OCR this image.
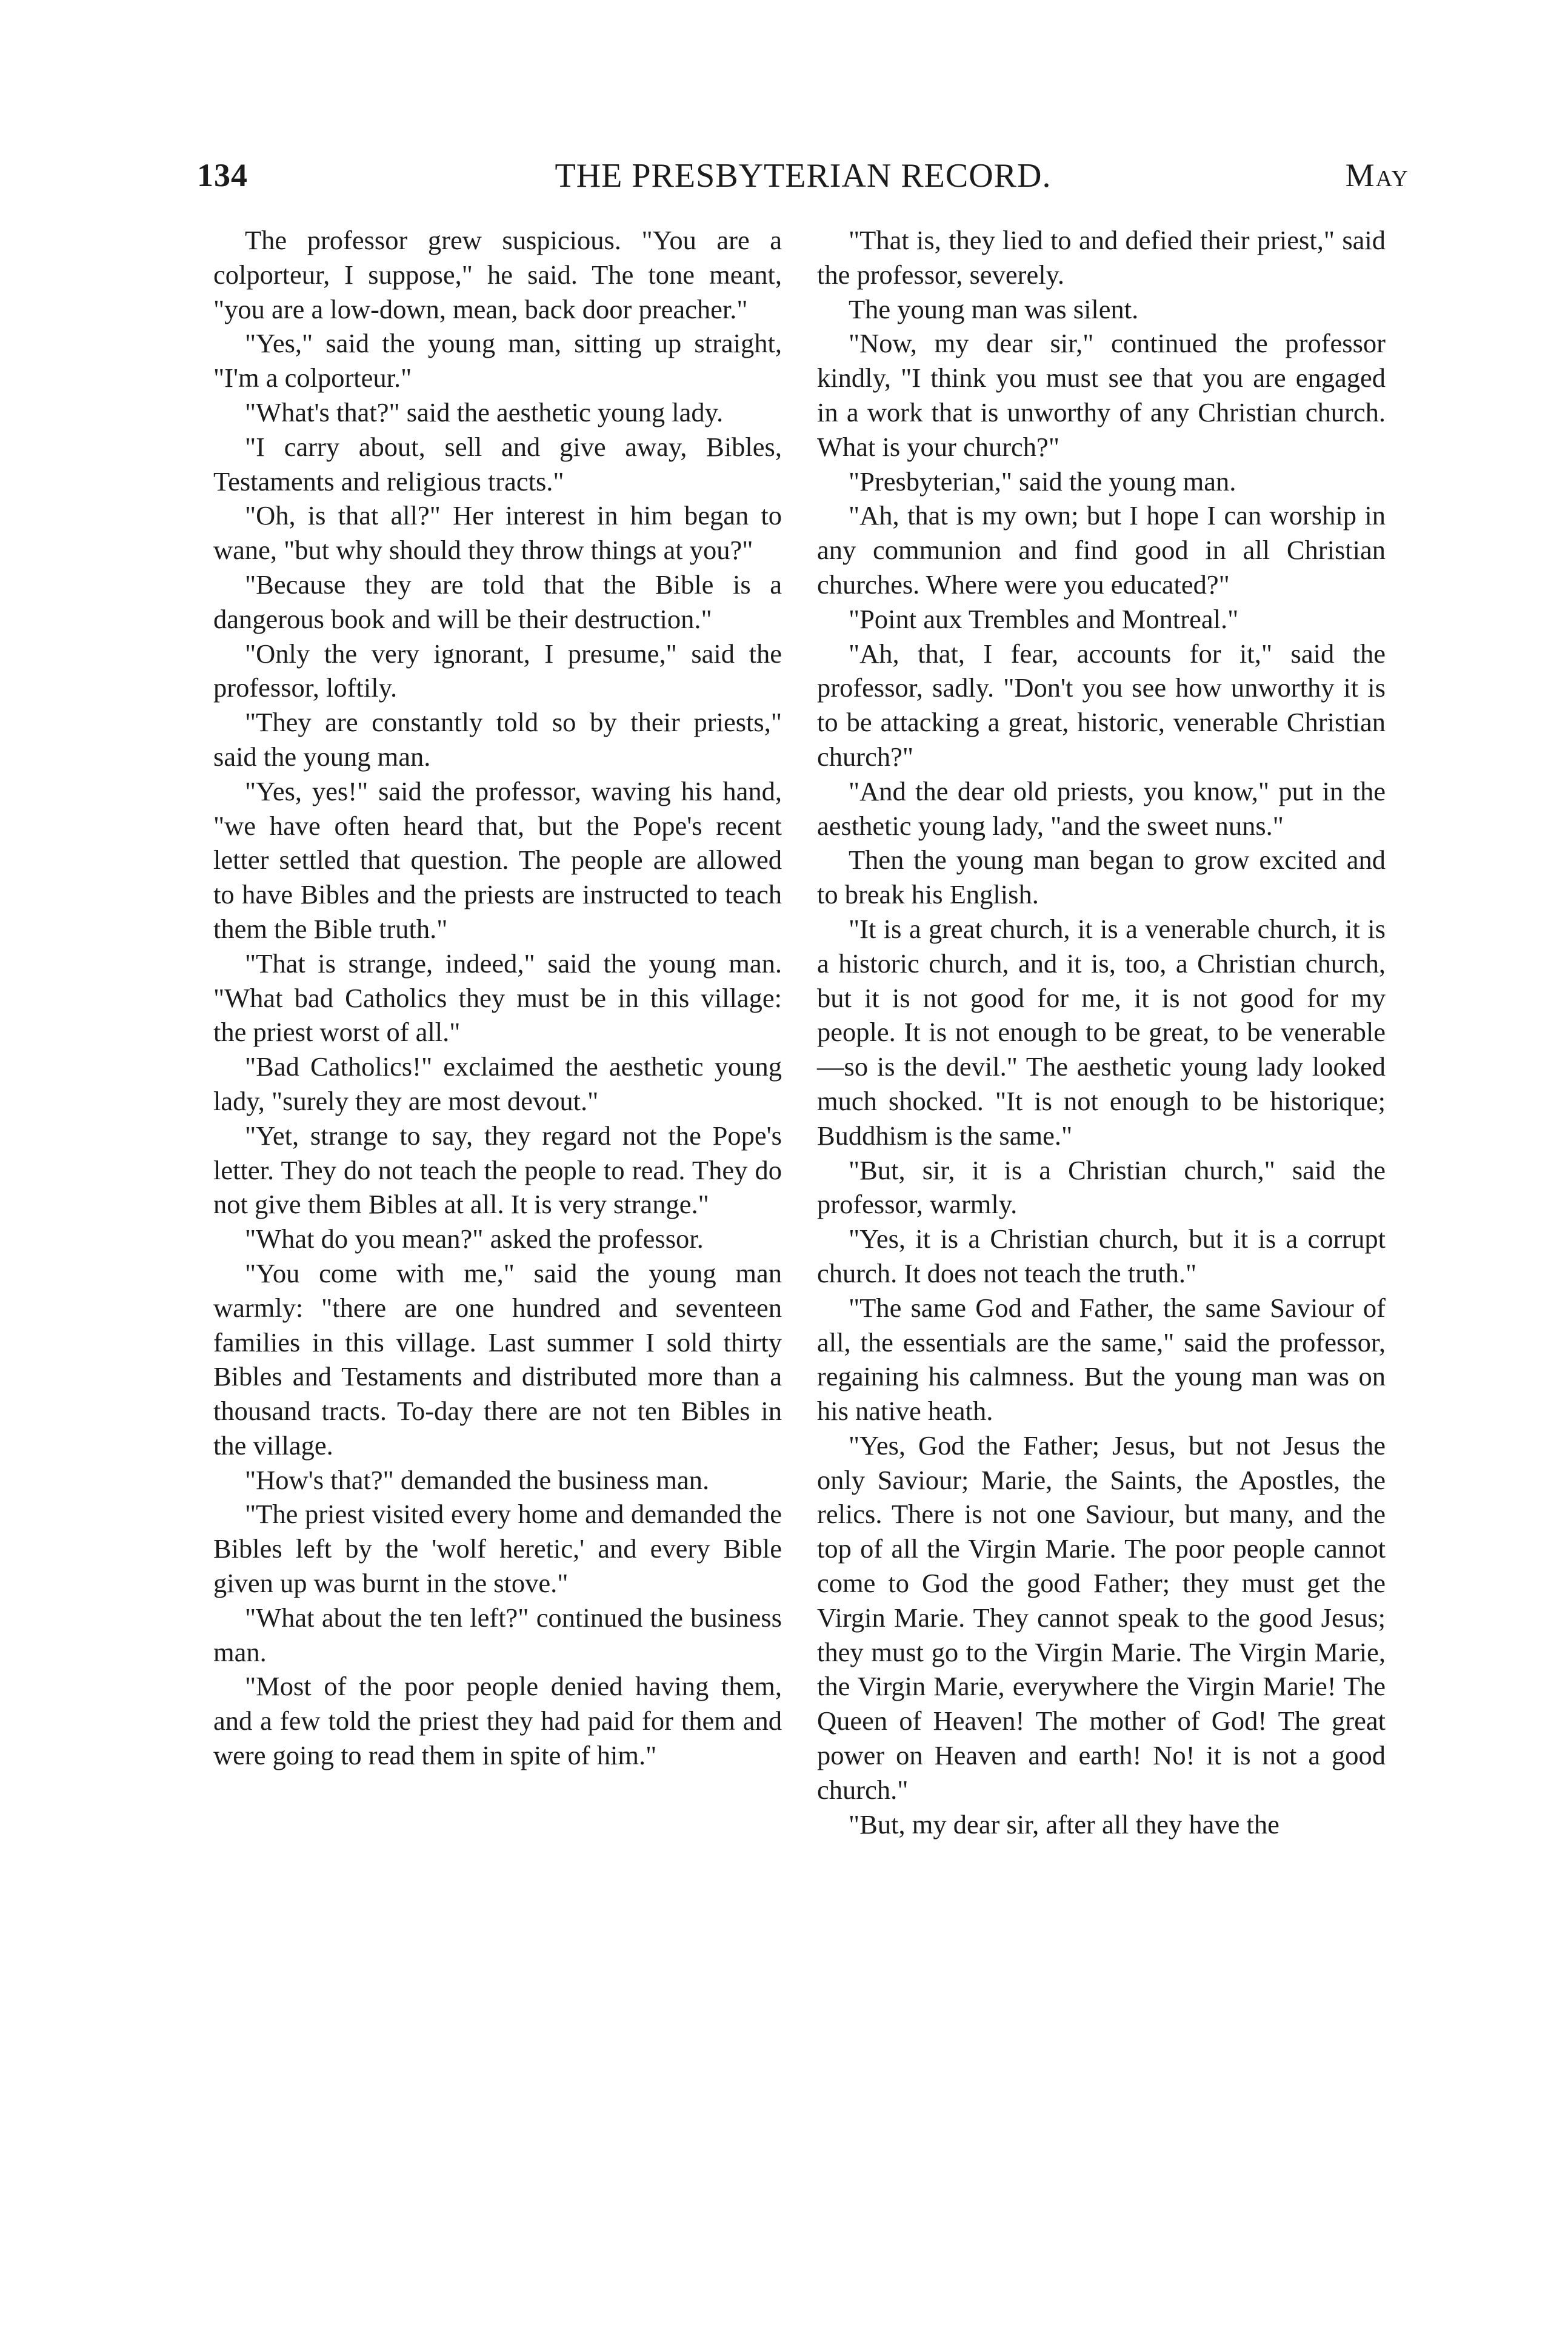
134	THE PRESBYTERIAN RECORD.	May

The professor grew suspicious. "You are a colporteur, I suppose," he said. The tone meant, "you are a low-down, mean, back door preacher."

"Yes," said the young man, sitting up straight, "I'm a colporteur."

"What's that?" said the aesthetic young lady.

"I carry about, sell and give away, Bibles, Testaments and religious tracts."

"Oh, is that all?" Her interest in him began to wane, "but why should they throw things at you?"

"Because they are told that the Bible is a dangerous book and will be their destruction."

"Only the very ignorant, I presume," said the professor, loftily.

"They are constantly told so by their priests," said the young man.

"Yes, yes!" said the professor, waving his hand, "we have often heard that, but the Pope's recent letter settled that question. The people are allowed to have Bibles and the priests are instructed to teach them the Bible truth."

"That is strange, indeed," said the young man. "What bad Catholics they must be in this village: the priest worst of all."

"Bad Catholics!" exclaimed the aesthetic young lady, "surely they are most devout."

"Yet, strange to say, they regard not the Pope's letter. They do not teach the people to read. They do not give them Bibles at all. It is very strange."

"What do you mean?" asked the professor.

"You come with me," said the young man warmly: "there are one hundred and seventeen families in this village. Last summer I sold thirty Bibles and Testaments and distributed more than a thousand tracts. To-day there are not ten Bibles in the village.

"How's that?" demanded the business man.

"The priest visited every home and demanded the Bibles left by the 'wolf heretic,' and every Bible given up was burnt in the stove."

"What about the ten left?" continued the business man.

"Most of the poor people denied having them, and a few told the priest they had paid for them and were going to read them in spite of him."

"That is, they lied to and defied their priest," said the professor, severely.

The young man was silent.

"Now, my dear sir," continued the professor kindly, "I think you must see that you are engaged in a work that is unworthy of any Christian church. What is your church?"

"Presbyterian," said the young man.

"Ah, that is my own; but I hope I can worship in any communion and find good in all Christian churches. Where were you educated?"

"Point aux Trembles and Montreal."

"Ah, that, I fear, accounts for it," said the professor, sadly. "Don't you see how unworthy it is to be attacking a great, historic, venerable Christian church?"

"And the dear old priests, you know," put in the aesthetic young lady, "and the sweet nuns."

Then the young man began to grow excited and to break his English.

"It is a great church, it is a venerable church, it is a historic church, and it is, too, a Christian church, but it is not good for me, it is not good for my people. It is not enough to be great, to be venerable—so is the devil." The aesthetic young lady looked much shocked. "It is not enough to be historique; Buddhism is the same."

"But, sir, it is a Christian church," said the professor, warmly.

"Yes, it is a Christian church, but it is a corrupt church. It does not teach the truth."

"The same God and Father, the same Saviour of all, the essentials are the same," said the professor, regaining his calmness. But the young man was on his native heath.

"Yes, God the Father; Jesus, but not Jesus the only Saviour; Marie, the Saints, the Apostles, the relics. There is not one Saviour, but many, and the top of all the Virgin Marie. The poor people cannot come to God the good Father; they must get the Virgin Marie. They cannot speak to the good Jesus; they must go to the Virgin Marie. The Virgin Marie, the Virgin Marie, everywhere the Virgin Marie! The Queen of Heaven! The mother of God! The great power on Heaven and earth! No! it is not a good church."

"But, my dear sir, after all they have the
